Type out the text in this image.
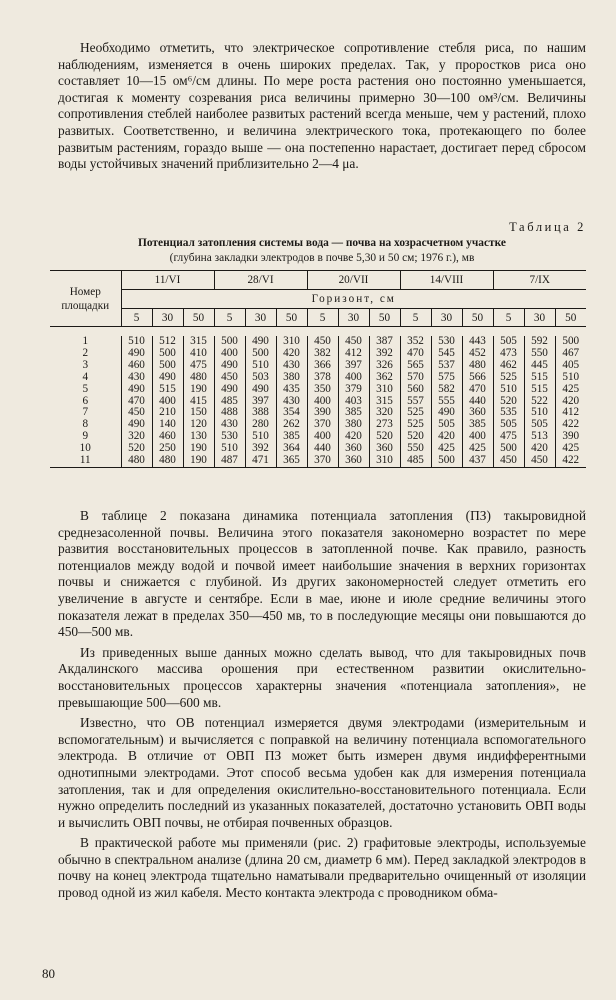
Необходимо отметить, что электрическое сопротивление стебля риса, по нашим наблюдениям, изменяется в очень широких пределах. Так, у проростков риса оно составляет 10—15 ом⁶/см длины. По мере роста растения оно постоянно уменьшается, достигая к моменту созревания риса величины примерно 30—100 ом³/см. Величины сопротивления стеблей наиболее развитых растений всегда меньше, чем у растений, плохо развитых. Соответственно, и величина электрического тока, протекающего по более развитым растениям, гораздо выше — она постепенно нарастает, достигает перед сбросом воды устойчивых значений приблизительно 2—4 μa.

Таблица 2
Потенциал затопления системы вода — почва на хозрасчетном участке
(глубина закладки электродов в почве 5,30 и 50 см; 1976 г.), мв
Номер площадки	11/VI			28/VI			20/VII			14/VIII			7/IX		
	Горизонт, см														
	5	30	50	5	30	50	5	30	50	5	30	50	5	30	50

1	510	512	315	500	490	310	450	450	387	352	530	443	505	592	500
2	490	500	410	400	500	420	382	412	392	470	545	452	473	550	467
3	460	500	475	490	510	430	366	397	326	565	537	480	462	445	405
4	430	490	480	450	503	380	378	400	362	570	575	566	525	515	510
5	490	515	190	490	490	435	350	379	310	560	582	470	510	515	425
6	470	400	415	485	397	430	400	403	315	557	555	440	520	522	420
7	450	210	150	488	388	354	390	385	320	525	490	360	535	510	412
8	490	140	120	430	280	262	370	380	273	525	505	385	505	505	422
9	320	460	130	530	510	385	400	420	520	520	420	400	475	513	390
10	520	250	190	510	392	364	440	360	360	550	425	425	500	420	425
11	480	480	190	487	471	365	370	360	310	485	500	437	450	450	422

В таблице 2 показана динамика потенциала затопления (ПЗ) такыровидной среднезасоленной почвы. Величина этого показателя закономерно возрастет по мере развития восстановительных процессов в затопленной почве. Как правило, разность потенциалов между водой и почвой имеет наибольшие значения в верхних горизонтах почвы и снижается с глубиной. Из других закономерностей следует отметить его увеличение в августе и сентябре. Если в мае, июне и июле средние величины этого показателя лежат в пределах 350—450 мв, то в последующие месяцы они повышаются до 450—500 мв.

Из приведенных выше данных можно сделать вывод, что для такыровидных почв Акдалинского массива орошения при естественном развитии окислительно-восстановительных процессов характерны значения «потенциала затопления», не превышающие 500—600 мв.

Известно, что ОВ потенциал измеряется двумя электродами (измерительным и вспомогательным) и вычисляется с поправкой на величину потенциала вспомогательного электрода. В отличие от ОВП ПЗ может быть измерен двумя индифферентными однотипными электродами. Этот способ весьма удобен как для измерения потенциала затопления, так и для определения окислительно-восстановительного потенциала. Если нужно определить последний из указанных показателей, достаточно установить ОВП воды и вычислить ОВП почвы, не отбирая почвенных образцов.

В практической работе мы применяли (рис. 2) графитовые электроды, используемые обычно в спектральном анализе (длина 20 см, диаметр 6 мм). Перед закладкой электродов в почву на конец электрода тщательно наматывали предварительно очищенный от изоляции провод одной из жил кабеля. Место контакта электрода с проводником обма-

80
